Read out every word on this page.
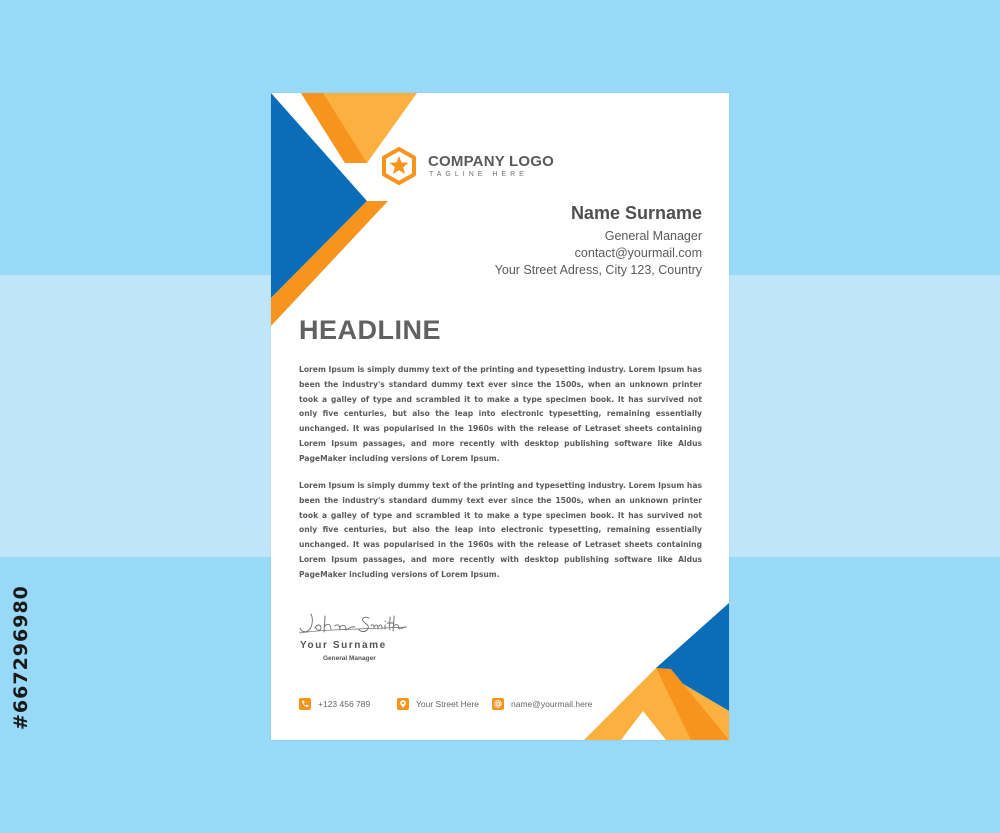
#667296980
COMPANY LOGO
TAGLINE HERE
Name Surname
General Manager
contact@yourmail.com
Your Street Adress, City 123, Country
HEADLINE

Lorem Ipsum is simply dummy text of the printing and typesetting industry. Lorem Ipsum has been the industry's standard dummy text ever since the 1500s, when an unknown printer took a galley of type and scrambled it to make a type specimen book. It has survived not only five centuries, but also the leap into electronic typesetting, remaining essentially unchanged. It was popularised in the 1960s with the release of Letraset sheets containing Lorem Ipsum passages, and more recently with desktop publishing software like Aldus PageMaker including versions of Lorem Ipsum.

Lorem Ipsum is simply dummy text of the printing and typesetting industry. Lorem Ipsum has been the industry's standard dummy text ever since the 1500s, when an unknown printer took a galley of type and scrambled it to make a type specimen book. It has survived not only five centuries, but also the leap into electronic typesetting, remaining essentially unchanged. It was popularised in the 1960s with the release of Letraset sheets containing Lorem Ipsum passages, and more recently with desktop publishing software like Aldus PageMaker including versions of Lorem Ipsum.

Your Surname
General Manager
+123 456 789	Your Street Here	name@yourmail.here
